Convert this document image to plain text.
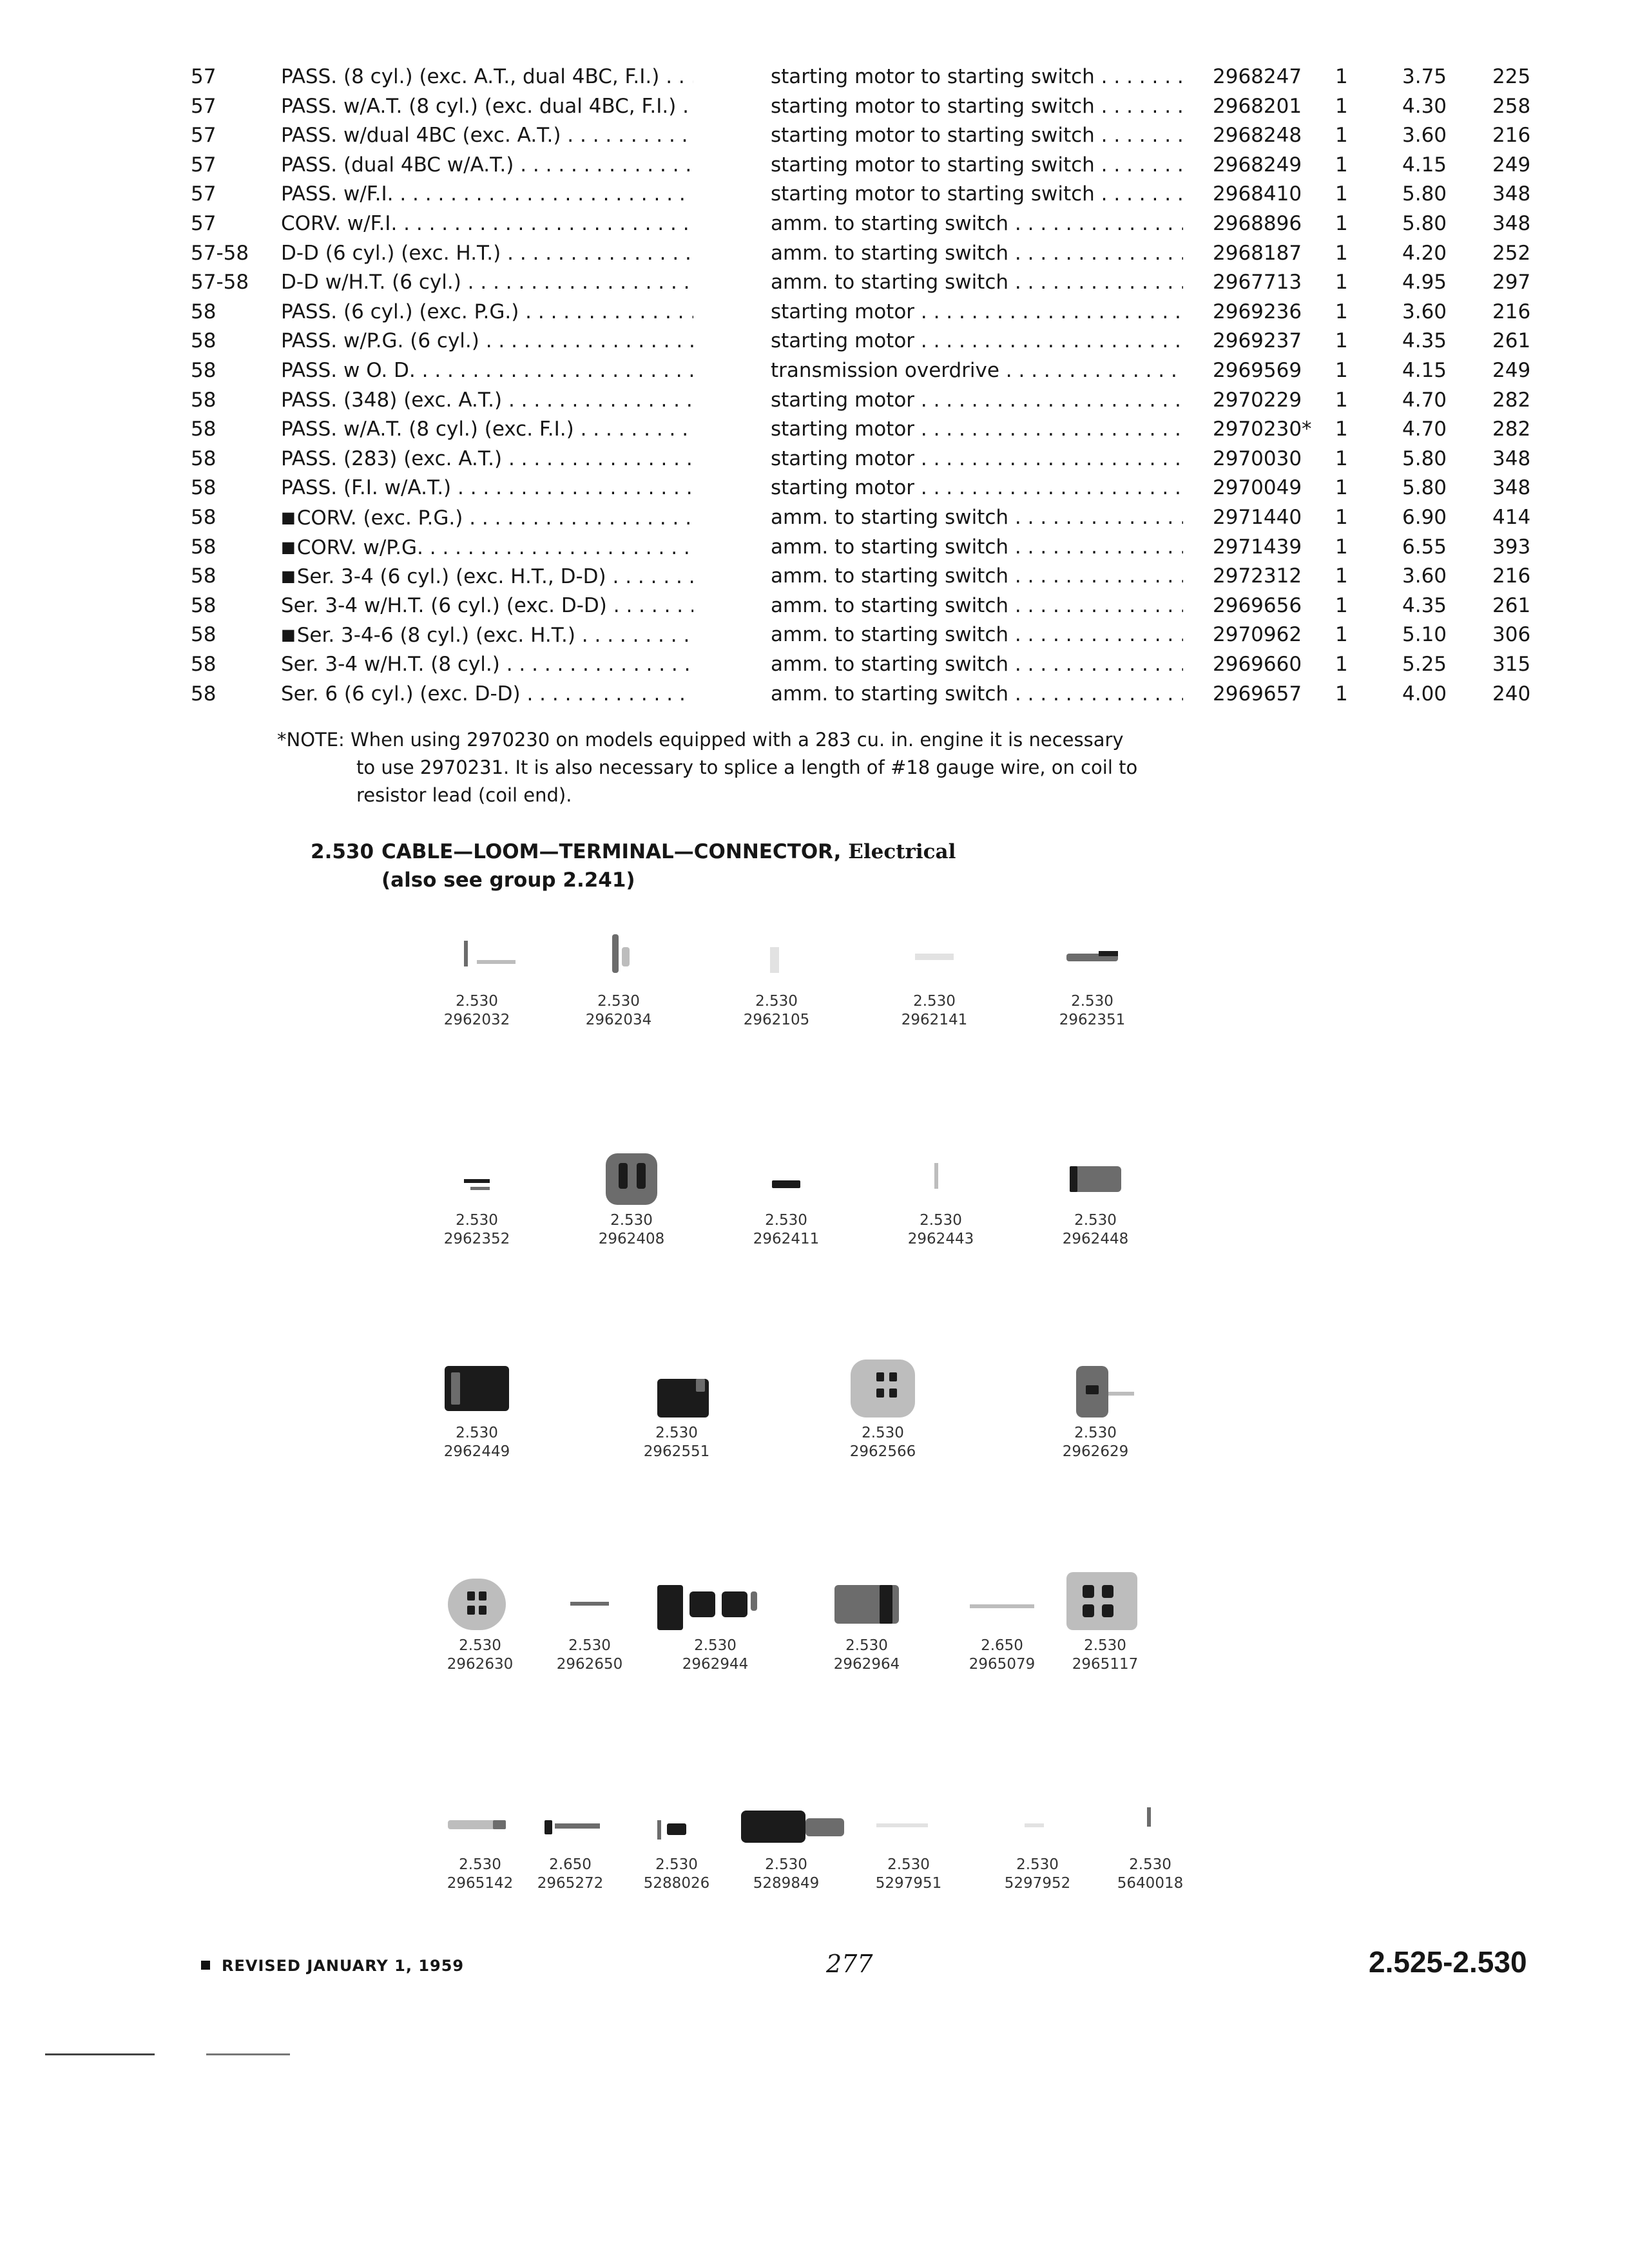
57	PASS. (8 cyl.) (exc. A.T., dual 4BC, F.I.) . . .	starting motor to starting switch . . .	2968247 1	3.75 225
57	PASS. w/A.T. (8 cyl.) (exc. dual 4BC, F.I.) . . .	starting motor to starting switch . . .	2968201 1	4.30 258
57	PASS. w/dual 4BC (exc. A.T.) . . .	starting motor to starting switch . . .	2968248 1	3.60 216
57	PASS. (dual 4BC w/A.T.) . . .	starting motor to starting switch . . .	2968249 1	4.15 249
57	PASS. w/F.I. . . .	starting motor to starting switch . . .	2968410 1	5.80 348
57	CORV. w/F.I. . . .	amm. to starting switch . . .	2968896 1	5.80 348
57-58 D-D (6 cyl.) (exc. H.T.) . . .	amm. to starting switch . . .	2968187 1	4.20 252
57-58 D-D w/H.T. (6 cyl.) . . .	amm. to starting switch . . .	2967713 1	4.95 297
58	PASS. (6 cyl.) (exc. P.G.) . . .	starting motor . . .	2969236 1	3.60 216
58	PASS. w/P.G. (6 cyl.) . . .	starting motor . . .	2969237 1	4.35 261
58	PASS. w O. D. . . .	transmission overdrive . . .	2969569 1	4.15 249
58	PASS. (348) (exc. A.T.) . . .	starting motor . . .	2970229 1	4.70 282
58	PASS. w/A.T. (8 cyl.) (exc. F.I.) . . .	starting motor . . .	2970230* 1	4.70 282
58	PASS. (283) (exc. A.T.) . . .	starting motor . . .	2970030 1	5.80 348
58	PASS. (F.I. w/A.T.) . . .	starting motor . . .	2970049 1	5.80 348
58	■CORV. (exc. P.G.) . . .	amm. to starting switch . . .	2971440 1	6.90 414
58	■CORV. w/P.G. . . .	amm. to starting switch . . .	2971439 1	6.55 393
58	■Ser. 3-4 (6 cyl.) (exc. H.T., D-D) . . .	amm. to starting switch . . .	2972312 1	3.60 216
58	Ser. 3-4 w/H.T. (6 cyl.) (exc. D-D) . . .	amm. to starting switch . . .	2969656 1	4.35 261
58	■Ser. 3-4-6 (8 cyl.) (exc. H.T.) . . .	amm. to starting switch . . .	2970962 1	5.10 306
58	Ser. 3-4 w/H.T. (8 cyl.) . . .	amm. to starting switch . . .	2969660 1	5.25 315
58	Ser. 6 (6 cyl.) (exc. D-D) . . .	amm. to starting switch . . .	2969657 1	4.00 240
*NOTE: When using 2970230 on models equipped with a 283 cu. in. engine it is necessary
to use 2970231. It is also necessary to splice a length of #18 gauge wire, on coil to
resistor lead (coil end).
2.530 CABLE—LOOM—TERMINAL—CONNECTOR, Electrical
(also see group 2.241)
2.530
2962032
2.530
2962034
2.530
2962105
2.530
2962141
2.530
2962351
2.530
2962352
2.530
2962408
2.530
2962411
2.530
2962443
2.530
2962448
2.530
2962449
2.530
2962551
2.530
2962566
2.530
2962629
2.530
2962630
2.530
2962650
2.530
2962944
2.530
2962964
2.650
2965079
2.530
2965117
2.530
2965142
2.650
2965272
2.530
5288026
2.530
5289849
2.530
5297951
2.530
5297952
2.530
5640018
REVISED JANUARY 1, 1959	277	2.525-2.530
